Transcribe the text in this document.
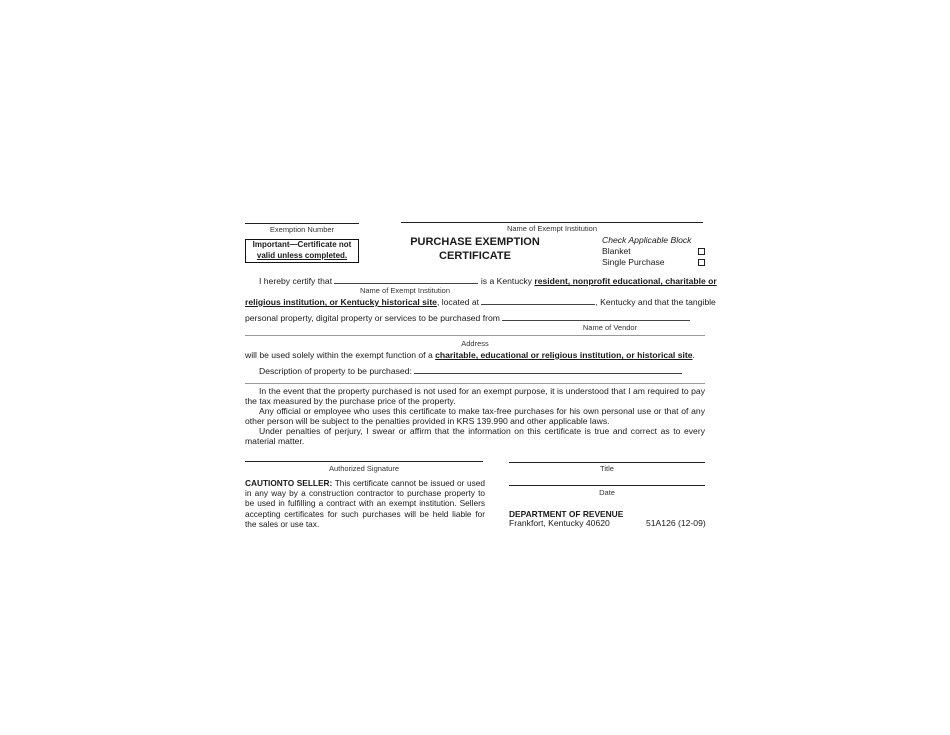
Exemption Number	Name of Exempt Institution
Important—Certificate not
valid unless completed.
PURCHASE EXEMPTION
CERTIFICATE
Check Applicable Block
Blanket
Single Purchase
I hereby certify that	is a Kentucky resident, nonprofit educational, charitable or
Name of Exempt Institution
religious institution, or Kentucky historical site, located at	, Kentucky and that the tangible
personal property, digital property or services to be purchased from
Name of Vendor
Address
will be used solely within the exempt function of a charitable, educational or religious institution, or historical site.
Description of property to be purchased:
In the event that the property purchased is not used for an exempt purpose, it is understood that I am required to pay the tax measured by the purchase price of the property.
Any official or employee who uses this certificate to make tax-free purchases for his own personal use or that of any other person will be subject to the penalties provided in KRS 139.990 and other applicable laws.
Under penalties of perjury, I swear or affirm that the information on this certificate is true and correct as to every material matter.
Authorized Signature
CAUTIONTO SELLER: This certificate cannot be issued or used in any way by a construction contractor to purchase property to be used in fulfilling a contract with an exempt institution. Sellers accepting certificates for such purchases will be held liable for the sales or use tax.
Title
Date
DEPARTMENT OF REVENUE
Frankfort, Kentucky 40620	51A126 (12-09)
